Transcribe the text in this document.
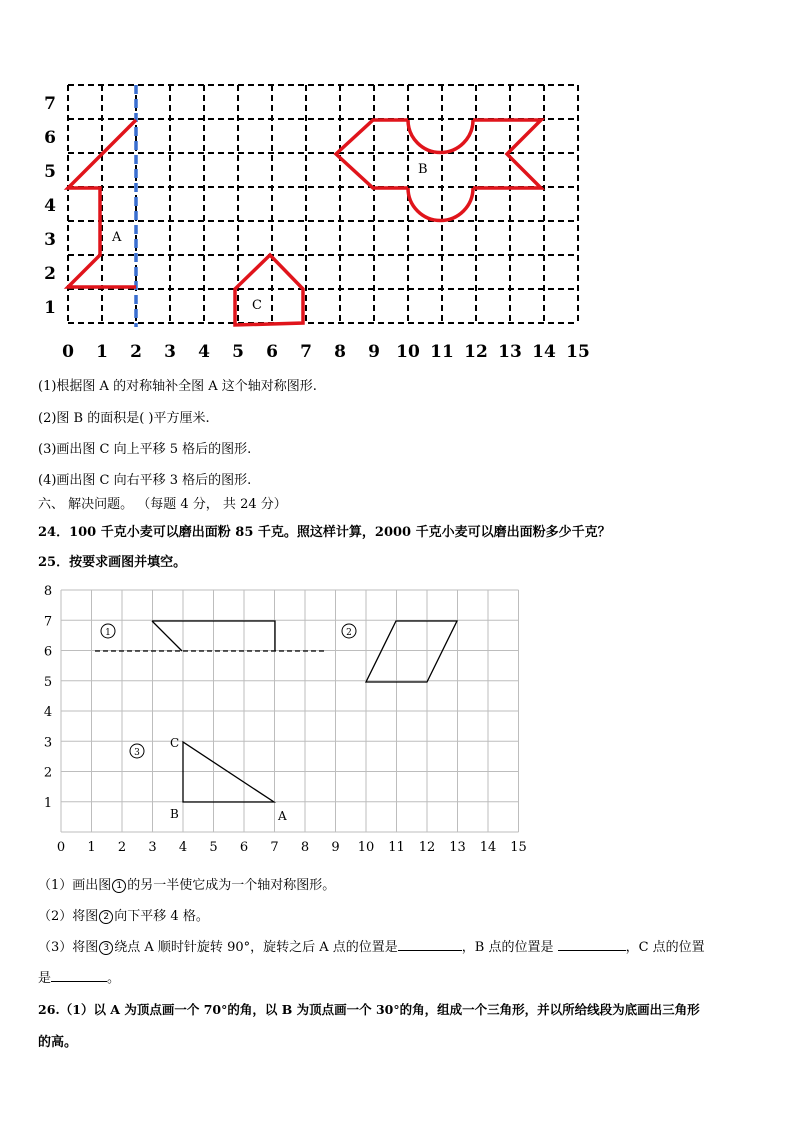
1
2
3
4
5
6
7
0 1 2 3 4 5 6 7 8 9 10 11 12 13 14 15
A
B
C
(1)根据图 A 的对称轴补全图 A 这个轴对称图形.
(2)图 B 的面积是( )平方厘米.
(3)画出图 C 向上平移 5 格后的图形.
(4)画出图 C 向右平移 3 格后的图形.
六、 解决问题。 （每题 4 分， 共 24 分）
24．100 千克小麦可以磨出面粉 85 千克。照这样计算，2000 千克小麦可以磨出面粉多少千克？
25．按要求画图并填空。
1
2
3
4
5
6
7
8
0 1 2 3 4 5 6 7 8 9 10 11 12 13 14 15
1	2
3
C
B	A
（1）画出图 1 的另一半使它成为一个轴对称图形。
（2）将图 2 向下平移 4 格。
（3）将图 3 绕点 A 顺时针旋转 90°，旋转之后 A 点的位置是	，B 点的位置是	，C 点的位置
是	。
26.（1）以 A 为顶点画一个 70°的角，以 B 为顶点画一个 30°的角，组成一个三角形，并以所给线段为底画出三角形
的高。
